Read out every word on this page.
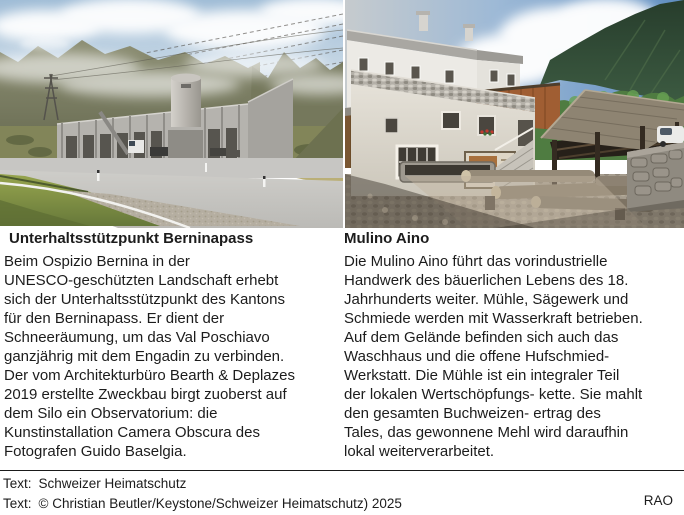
Unterhaltsstützpunkt Berninapass
Beim Ospizio Bernina in der
UNESCO-geschützten Landschaft erhebt
sich der Unterhaltsstützpunkt des Kantons
für den Berninapass. Er dient der
Schneeräumung, um das Val Poschiavo
ganzjährig mit dem Engadin zu verbinden.
Der vom Architekturbüro Bearth & Deplazes
2019 erstellte Zweckbau birgt zuoberst auf
dem Silo ein Observatorium: die
Kunstinstallation Camera Obscura des
Fotografen Guido Baselgia.
Mulino Aino
Die Mulino Aino führt das vorindustrielle
Handwerk des bäuerlichen Lebens des 18.
Jahrhunderts weiter. Mühle, Sägewerk und
Schmiede werden mit Wasserkraft betrieben.
Auf dem Gelände befinden sich auch das
Waschhaus und die offene Hufschmied-
Werkstatt. Die Mühle ist ein integraler Teil
der lokalen Wertschöpfungs- kette. Sie mahlt
den gesamten Buchweizen- ertrag des
Tales, das gewonnene Mehl wird daraufhin
lokal weiterverarbeitet.
Text: Schweizer Heimatschutz
Text: © Christian Beutler/Keystone/Schweizer Heimatschutz) 2025	RAO
